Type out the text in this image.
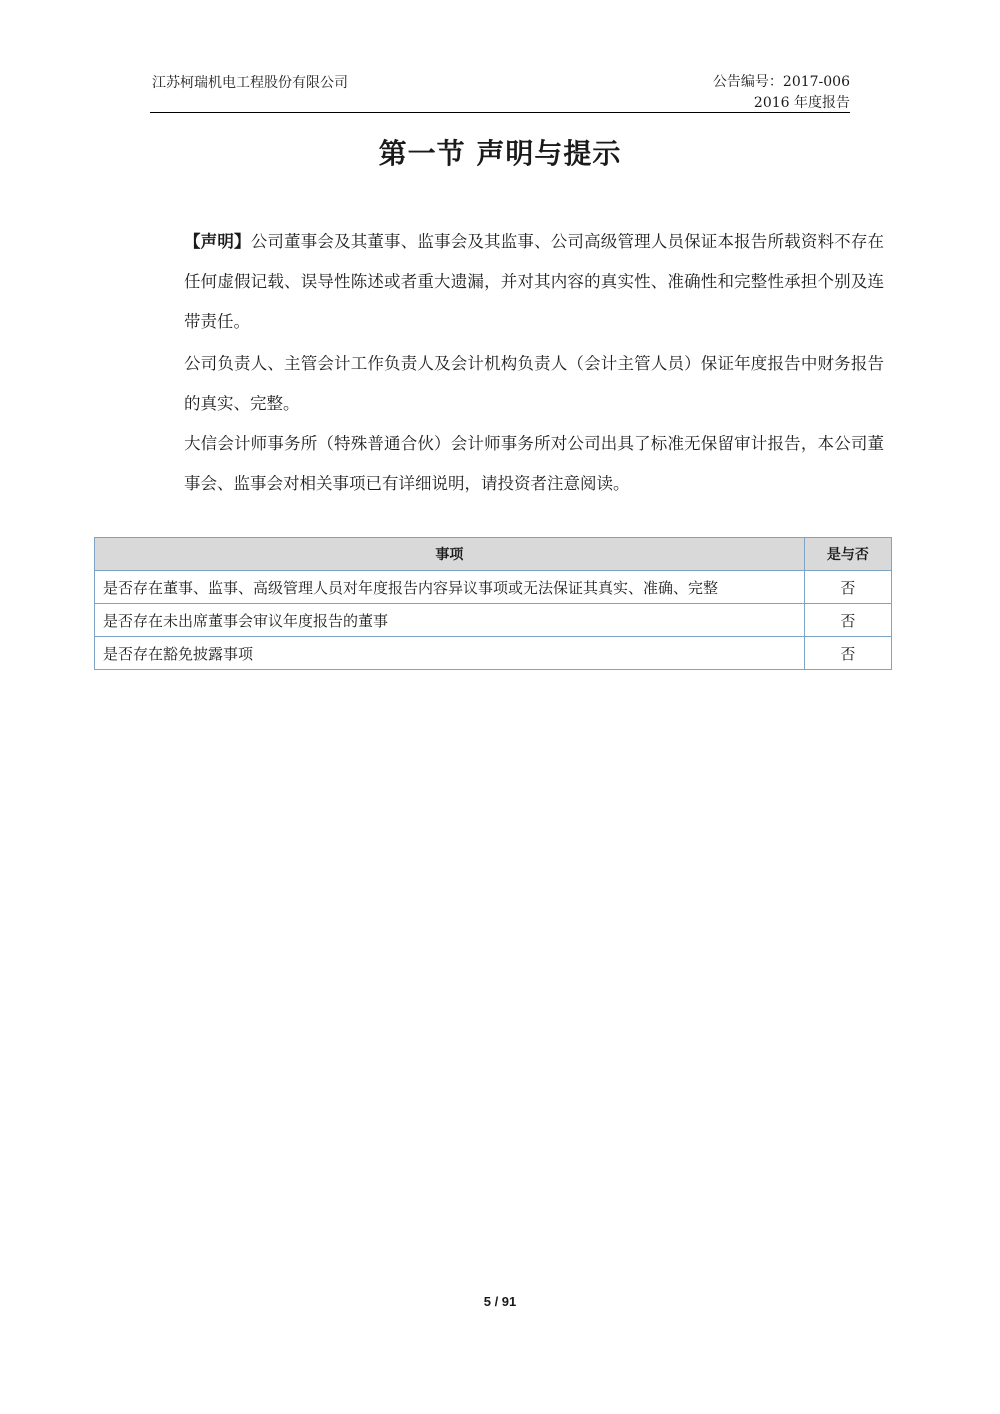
江苏柯瑞机电工程股份有限公司	公告编号：2017-006
2016 年度报告
第一节 声明与提示
【声明】公司董事会及其董事、监事会及其监事、公司高级管理人员保证本报告所载资料不存在任何虚假记载、误导性陈述或者重大遗漏，并对其内容的真实性、准确性和完整性承担个别及连带责任。
公司负责人、主管会计工作负责人及会计机构负责人（会计主管人员）保证年度报告中财务报告的真实、完整。
大信会计师事务所（特殊普通合伙）会计师事务所对公司出具了标准无保留审计报告，本公司董事会、监事会对相关事项已有详细说明，请投资者注意阅读。
事项	是与否
是否存在董事、监事、高级管理人员对年度报告内容异议事项或无法保证其真实、准确、完整	否
是否存在未出席董事会审议年度报告的董事	否
是否存在豁免披露事项	否
5 / 91
